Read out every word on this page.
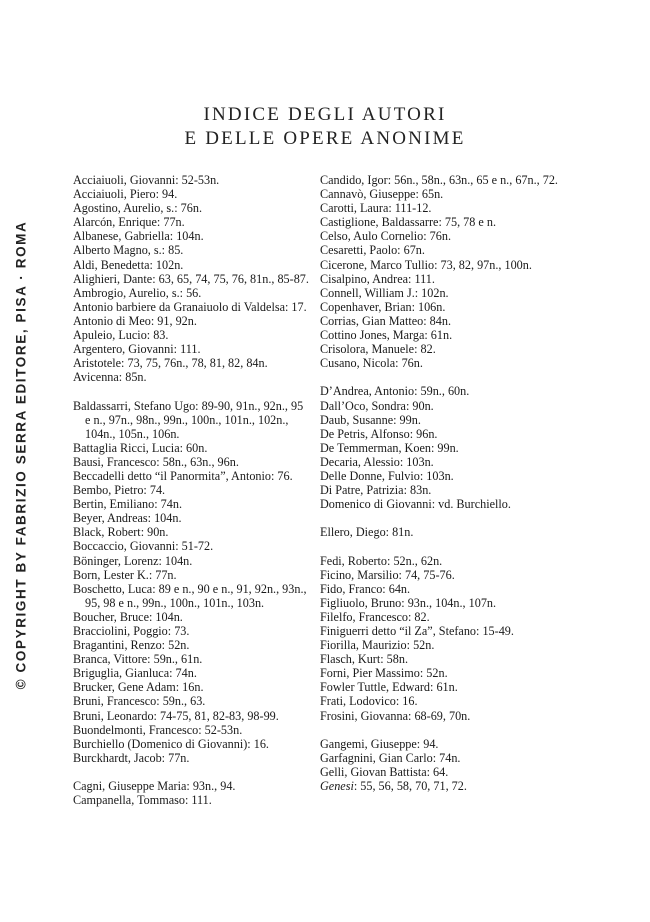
© COPYRIGHT BY FABRIZIO SERRA EDITORE, PISA · ROMA
INDICE DEGLI AUTORI
E DELLE OPERE ANONIME

Acciaiuoli, Giovanni: 52-53n.

Acciaiuoli, Piero: 94.

Agostino, Aurelio, s.: 76n.

Alarcón, Enrique: 77n.

Albanese, Gabriella: 104n.

Alberto Magno, s.: 85.

Aldi, Benedetta: 102n.

Alighieri, Dante: 63, 65, 74, 75, 76, 81n., 85-87.

Ambrogio, Aurelio, s.: 56.

Antonio barbiere da Granaiuolo di Valdelsa: 17.

Antonio di Meo: 91, 92n.

Apuleio, Lucio: 83.

Argentero, Giovanni: 111.

Aristotele: 73, 75, 76n., 78, 81, 82, 84n.

Avicenna: 85n.

Baldassarri, Stefano Ugo: 89-90, 91n., 92n., 95 e n., 97n., 98n., 99n., 100n., 101n., 102n., 104n., 105n., 106n.

Battaglia Ricci, Lucia: 60n.

Bausi, Francesco: 58n., 63n., 96n.

Beccadelli detto “il Panormita”, Antonio: 76.

Bembo, Pietro: 74.

Bertin, Emiliano: 74n.

Beyer, Andreas: 104n.

Black, Robert: 90n.

Boccaccio, Giovanni: 51-72.

Böninger, Lorenz: 104n.

Born, Lester K.: 77n.

Boschetto, Luca: 89 e n., 90 e n., 91, 92n., 93n., 95, 98 e n., 99n., 100n., 101n., 103n.

Boucher, Bruce: 104n.

Bracciolini, Poggio: 73.

Bragantini, Renzo: 52n.

Branca, Vittore: 59n., 61n.

Briguglia, Gianluca: 74n.

Brucker, Gene Adam: 16n.

Bruni, Francesco: 59n., 63.

Bruni, Leonardo: 74-75, 81, 82-83, 98-99.

Buondelmonti, Francesco: 52-53n.

Burchiello (Domenico di Giovanni): 16.

Burckhardt, Jacob: 77n.

Cagni, Giuseppe Maria: 93n., 94.

Campanella, Tommaso: 111.

Candido, Igor: 56n., 58n., 63n., 65 e n., 67n., 72.

Cannavò, Giuseppe: 65n.

Carotti, Laura: 111-12.

Castiglione, Baldassarre: 75, 78 e n.

Celso, Aulo Cornelio: 76n.

Cesaretti, Paolo: 67n.

Cicerone, Marco Tullio: 73, 82, 97n., 100n.

Cisalpino, Andrea: 111.

Connell, William J.: 102n.

Copenhaver, Brian: 106n.

Corrias, Gian Matteo: 84n.

Cottino Jones, Marga: 61n.

Crisolora, Manuele: 82.

Cusano, Nicola: 76n.

D’Andrea, Antonio: 59n., 60n.

Dall’Oco, Sondra: 90n.

Daub, Susanne: 99n.

De Petris, Alfonso: 96n.

De Temmerman, Koen: 99n.

Decaria, Alessio: 103n.

Delle Donne, Fulvio: 103n.

Di Patre, Patrizia: 83n.

Domenico di Giovanni: vd. Burchiello.

Ellero, Diego: 81n.

Fedi, Roberto: 52n., 62n.

Ficino, Marsilio: 74, 75-76.

Fido, Franco: 64n.

Figliuolo, Bruno: 93n., 104n., 107n.

Filelfo, Francesco: 82.

Finiguerri detto “il Za”, Stefano: 15-49.

Fiorilla, Maurizio: 52n.

Flasch, Kurt: 58n.

Forni, Pier Massimo: 52n.

Fowler Tuttle, Edward: 61n.

Frati, Lodovico: 16.

Frosini, Giovanna: 68-69, 70n.

Gangemi, Giuseppe: 94.

Garfagnini, Gian Carlo: 74n.

Gelli, Giovan Battista: 64.

Genesi: 55, 56, 58, 70, 71, 72.
